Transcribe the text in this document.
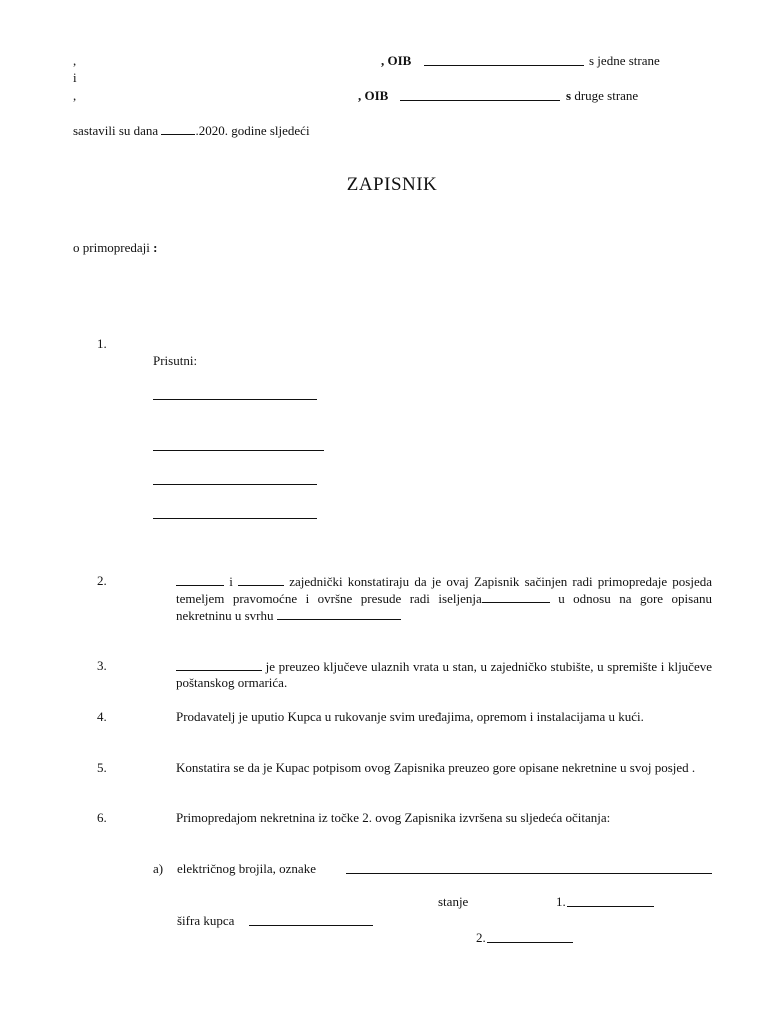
,	, OIB	s jedne strane
i
,	, OIB	s druge strane
sastavili su dana	.2020. godine sljedeći
ZAPISNIK
o primopredaji :
1.
Prisutni:
2.	i	zajednički konstatiraju da je ovaj Zapisnik sačinjen radi primopredaje posjeda temeljem pravomoćne i ovršne presude radi iseljenja	u odnosu na gore opisanu nekretninu u svrhu
3.	je preuzeo ključeve ulaznih vrata u stan, u zajedničko stubište, u spremište i ključeve poštanskog ormarića.
4.	Prodavatelj je uputio Kupca u rukovanje svim uređajima, opremom i instalacijama u kući.
5.	Konstatira se da je Kupac potpisom ovog Zapisnika preuzeo gore opisane nekretnine u svoj posjed .
6.	Primopredajom nekretnina iz točke 2. ovog Zapisnika izvršena su sljedeća očitanja:
a) električnog brojila, oznake
stanje	1.
šifra kupca
2.
